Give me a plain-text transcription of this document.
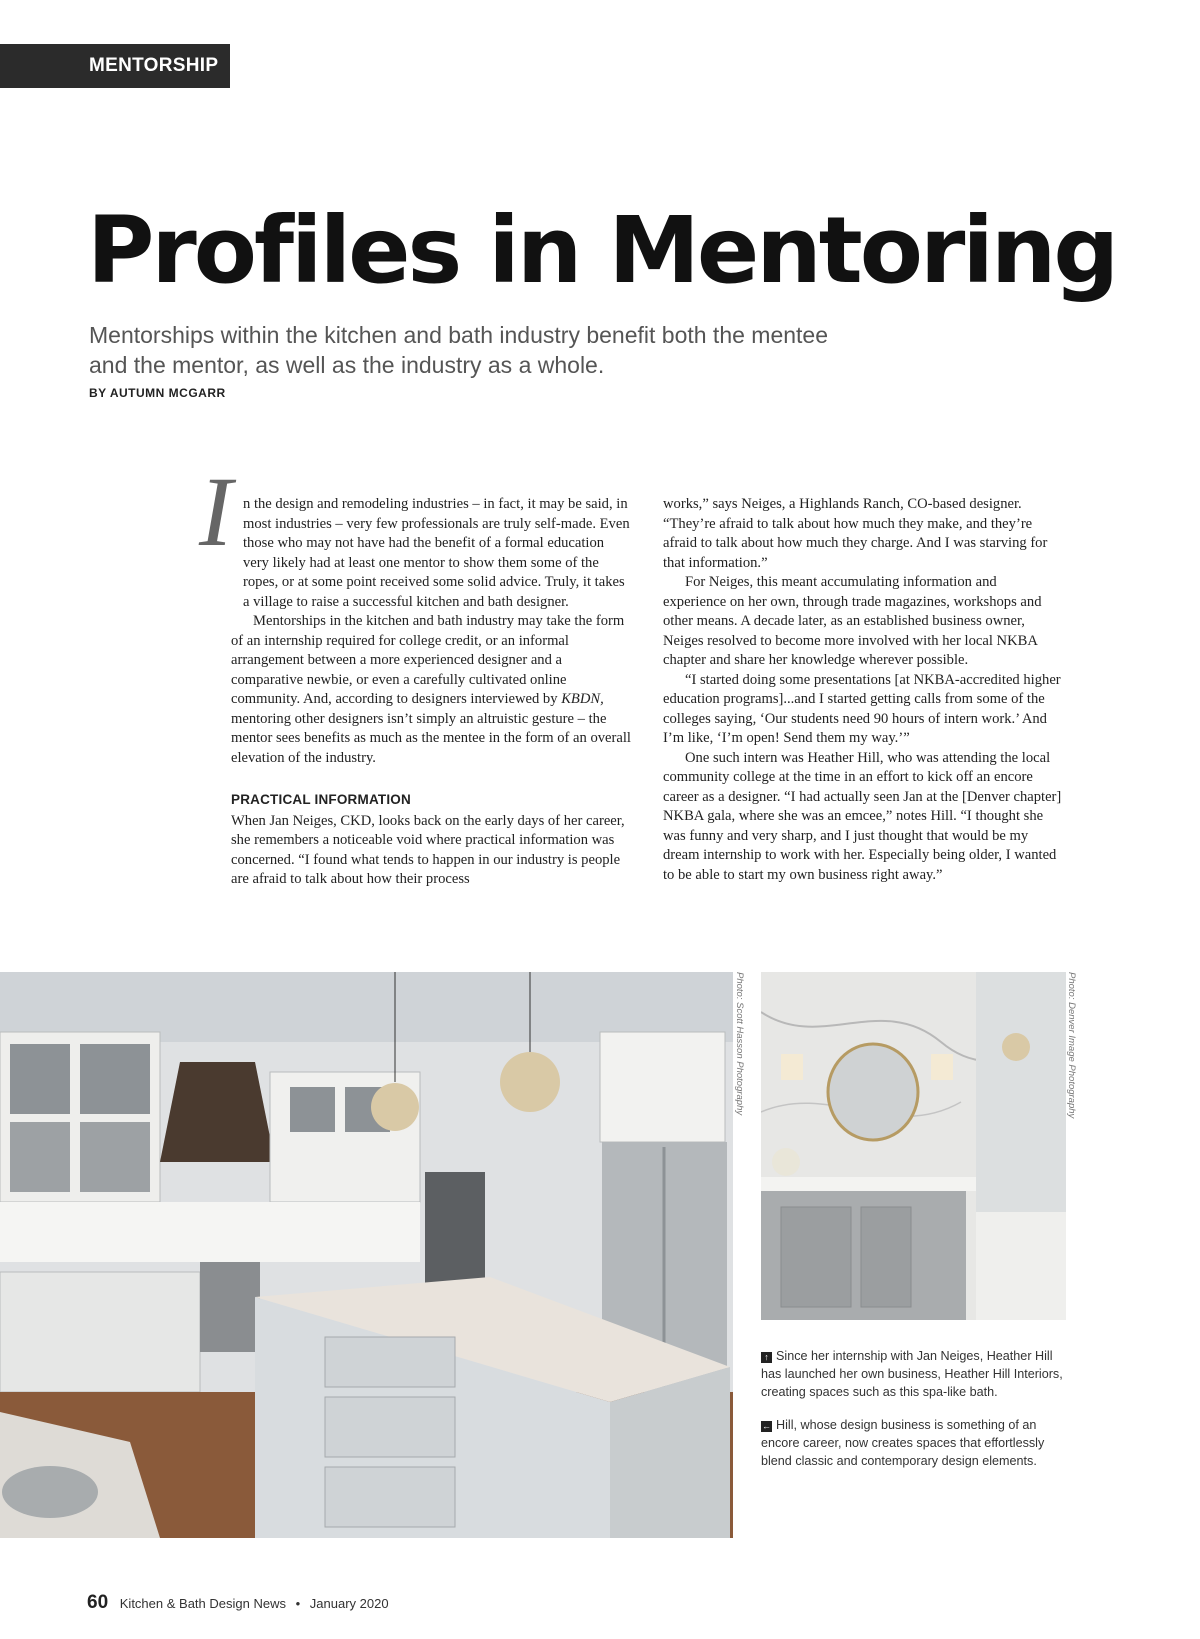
MENTORSHIP
Profiles in Mentoring

Mentorships within the kitchen and bath industry benefit both the mentee and the mentor, as well as the industry as a whole.

BY AUTUMN MCGARR
I n the design and remodeling industries – in fact, it may be said, in most industries – very few professionals are truly self-made. Even those who may not have had the benefit of a formal education very likely had at least one mentor to show them some of the ropes, or at some point received some solid advice. Truly, it takes a village to raise a successful kitchen and bath designer.

Mentorships in the kitchen and bath industry may take the form of an internship required for college credit, or an informal arrangement between a more experienced designer and a comparative newbie, or even a carefully cultivated online community. And, according to designers interviewed by KBDN, mentoring other designers isn’t simply an altruistic gesture – the mentor sees benefits as much as the mentee in the form of an overall elevation of the industry.

PRACTICAL INFORMATION

When Jan Neiges, CKD, looks back on the early days of her career, she remembers a noticeable void where practical information was concerned. “I found what tends to happen in our industry is people are afraid to talk about how their process

works,” says Neiges, a Highlands Ranch, CO-based designer. “They’re afraid to talk about how much they make, and they’re afraid to talk about how much they charge. And I was starving for that information.”

For Neiges, this meant accumulating information and experience on her own, through trade magazines, workshops and other means. A decade later, as an established business owner, Neiges resolved to become more involved with her local NKBA chapter and share her knowledge wherever possible.

“I started doing some presentations [at NKBA-accredited higher education programs]...and I started getting calls from some of the colleges saying, ‘Our students need 90 hours of intern work.’ And I’m like, ‘I’m open! Send them my way.’”

One such intern was Heather Hill, who was attending the local community college at the time in an effort to kick off an encore career as a designer. “I had actually seen Jan at the [Denver chapter] NKBA gala, where she was an emcee,” notes Hill. “I thought she was funny and very sharp, and I just thought that would be my dream internship to work with her. Especially being older, I wanted to be able to start my own business right away.”

Photo: Scott Hasson Photography	Photo: Denver Image Photography
↑ Since her internship with Jan Neiges, Heather Hill has launched her own business, Heather Hill Interiors, creating spaces such as this spa-like bath.
← Hill, whose design business is something of an encore career, now creates spaces that effortlessly blend classic and contemporary design elements.
60 Kitchen & Bath Design News • January 2020
